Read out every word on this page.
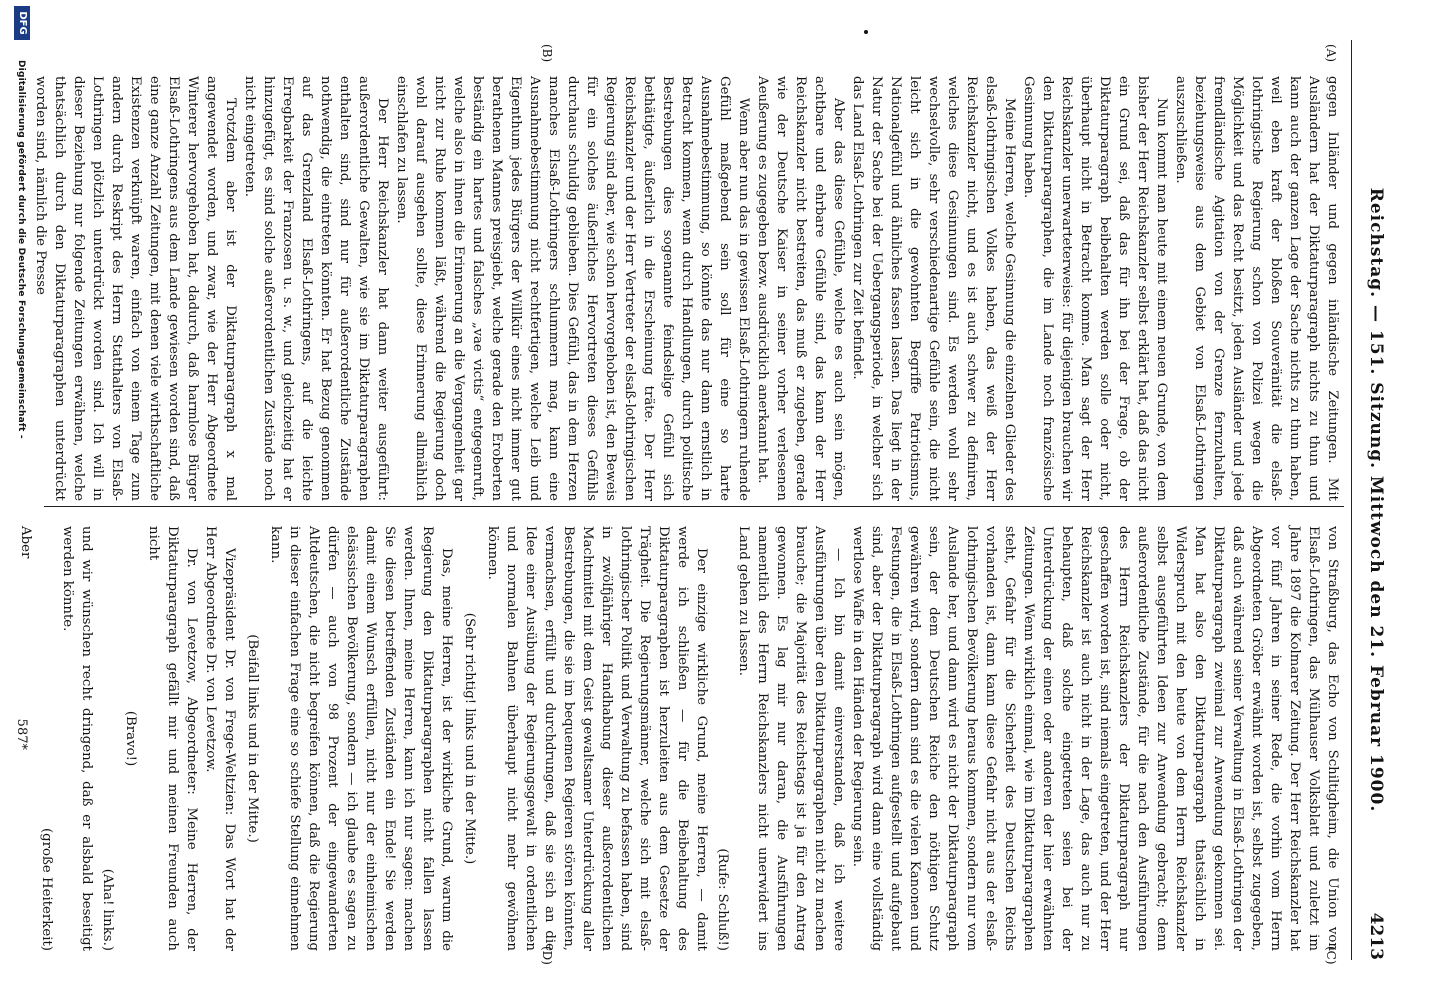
Reichstag. — 151. Sitzung. Mittwoch den 21. Februar 1900.
4213
(A)
(B)
(C)
(D)

gegen Inländer und gegen inländische Zeitungen. Mit Ausländern hat der Diktaturparagraph nichts zu thun und kann auch der ganzen Lage der Sache nichts zu thun haben, weil eben kraft der bloßen Souveränität die elsaß-lothringische Regierung schon von Polizei wegen die Möglichkeit und das Recht besitzt, jeden Ausländer und jede fremdländische Agitation von der Grenze fernzuhalten, beziehungsweise aus dem Gebiet von Elsaß-Lothringen auszuschließen.

Nun kommt man heute mit einem neuen Grunde, von dem bisher der Herr Reichskanzler selbst erklärt hat, daß das nicht ein Grund sei, daß das für ihn bei der Frage, ob der Diktaturparagraph beibehalten werden solle oder nicht, überhaupt nicht in Betracht komme. Man sagt der Herr Reichskanzler unerwarteterweise: für diejenigen brauchen wir den Diktaturparagraphen, die im Lande noch französische Gesinnung haben.

Meine Herren, welche Gesinnung die einzelnen Glieder des elsaß-lothringischen Volkes haben, das weiß der Herr Reichskanzler nicht, und es ist auch schwer zu definiren, welches diese Gesinnungen sind. Es werden wohl sehr wechselvolle, sehr verschiedenartige Gefühle sein, die nicht leicht sich in die gewohnten Begriffe Patriotismus, Nationalgefühl und ähnliches fassen lassen. Das liegt in der Natur der Sache bei der Uebergangsperiode, in welcher sich das Land Elsaß-Lothringen zur Zeit befindet.

Aber das diese Gefühle, welche es auch sein mögen, achtbare und ehrbare Gefühle sind, das kann der Herr Reichskanzler nicht bestreiten, das muß er zugeben, gerade wie der Deutsche Kaiser in seiner vorher verlesenen Aeußerung es zugegeben bezw. ausdrücklich anerkannt hat.

Wenn aber nun das in gewissen Elsaß-Lothringern ruhende Gefühl maßgebend sein soll für eine so harte Ausnahmebestimmung, so könnte das nur dann ernstlich in Betracht kommen, wenn durch Handlungen, durch politische Bestrebungen dies sogenannte feindselige Gefühl sich bethätigte, äußerlich in die Erscheinung träte. Der Herr Reichskanzler und der Herr Vertreter der elsaß-lothringischen Regierung sind aber, wie schon hervorgehoben ist, den Beweis für ein solches äußerliches Hervortreten dieses Gefühls durchaus schuldig geblieben. Dies Gefühl, das in dem Herzen manches Elsaß-Lothringers schlummern mag, kann eine Ausnahmebestimmung nicht rechtfertigen, welche Leib und Eigenthum jedes Bürgers der Willkür eines nicht immer gut berathenen Mannes preisgiebt, welche gerade den Eroberten beständig ein hartes und falsches „vae victis“ entgegenruft, welche also in ihnen die Erinnerung an die Vergangenheit gar nicht zur Ruhe kommen läßt, während die Regierung doch wohl darauf ausgehen sollte, diese Erinnerung allmählich einschlafen zu lassen.

Der Herr Reichskanzler hat dann weiter ausgeführt: außerordentliche Gewalten, wie sie im Diktaturparagraphen enthalten sind, sind nur für außerordentliche Zustände nothwendig, die eintreten könnten. Er hat Bezug genommen auf das Grenzland Elsaß-Lothringens, auf die leichte Erregbarkeit der Franzosen u. s. w., und gleichzeitig hat er hinzugefügt, es sind solche außerordentlichen Zustände noch nicht eingetreten.

Trotzdem aber ist der Diktaturparagraph x mal angewendet worden, und zwar, wie der Herr Abgeordnete Winterer hervorgehoben hat, dadurch, daß harmlose Bürger Elsaß-Lothringens aus dem Lande gewiesen worden sind, daß eine ganze Anzahl Zeitungen, mit denen viele wirthschaftliche Existenzen verknüpft waren, einfach von einem Tage zum andern durch Reskript des Herrn Statthalters von Elsaß-Lothringen plötzlich unterdrückt worden sind. Ich will in dieser Beziehung nur folgende Zeitungen erwähnen, welche thatsächlich durch den Diktaturparagraphen unterdrückt worden sind, nämlich die Presse

von Straßburg, das Echo von Schiltigheim, die Union von Elsaß-Lothringen, das Mülhauser Volksblatt und zuletzt im Jahre 1897 die Kolmarer Zeitung. Der Herr Reichskanzler hat vor fünf Jahren in seiner Rede, die vorhin vom Herrn Abgeordneten Gröber erwähnt worden ist, selbst zugegeben, daß auch während seiner Verwaltung in Elsaß-Lothringen der Diktaturparagraph zweimal zur Anwendung gekommen sei. Man hat also den Diktaturparagraph thatsächlich in Widerspruch mit den heute von dem Herrn Reichskanzler selbst ausgeführten Ideen zur Anwendung gebracht; denn außerordentliche Zustände, für die nach den Ausführungen des Herrn Reichskanzlers der Diktaturparagraph nur geschaffen worden ist, sind niemals eingetreten, und der Herr Reichskanzler ist auch nicht in der Lage, das auch nur zu behaupten, daß solche eingetreten seien bei der Unterdrückung der einen oder anderen der hier erwähnten Zeitungen. Wenn wirklich einmal, wie im Diktaturparagraphen steht, Gefahr für die Sicherheit des Deutschen Reichs vorhanden ist, dann kann diese Gefahr nicht aus der elsaß-lothringischen Bevölkerung heraus kommen, sondern nur vom Auslande her, und dann wird es nicht der Diktaturparagraph sein, der dem Deutschen Reiche den nöthigen Schutz gewähren wird, sondern dann sind es die vielen Kanonen und Festungen, die in Elsaß-Lothringen aufgestellt und aufgebaut sind, aber der Diktaturparagraph wird dann eine vollständig wertlose Waffe in den Händen der Regierung sein.

— Ich bin damit einverstanden, daß ich weitere Ausführungen über den Diktaturparagraphen nicht zu machen brauche; die Majorität des Reichstags ist ja für den Antrag gewonnen. Es lag mir nur daran, die Ausführungen namentlich des Herrn Reichskanzlers nicht unerwidert ins Land gehen zu lassen.

(Rufe: Schluß!)

Der einzige wirkliche Grund, meine Herren, — damit werde ich schließen — für die Beibehaltung des Diktaturparagraphen ist herzuleiten aus dem Gesetze der Trägheit. Die Regierungsmänner, welche sich mit elsaß-lothringischer Politik und Verwaltung zu befassen haben, sind in zwölfjähriger Handhabung dieser außerordentlichen Machtmittel mit dem Geist gewaltsamer Unterdrückung aller Bestrebungen, die sie im bequemen Regieren stören könnten, vermachsen, erfüllt und durchdrungen, daß sie sich an die Idee einer Ausübung der Regierungsgewalt in ordentlichen und normalen Bahnen überhaupt nicht mehr gewöhnen können.

(Sehr richtig! links und in der Mitte.)

Das, meine Herren, ist der wirkliche Grund, warum die Regierung den Diktaturparagraphen nicht fallen lassen werden. Ihnen, meine Herren, kann ich nur sagen: machen Sie diesen betreffenden Zuständen ein Ende! Sie werden damit einem Wunsch erfüllen, nicht nur der einheimischen elsässischen Bevölkerung, sondern — ich glaube es sagen zu dürfen — auch von 98 Prozent der eingewanderten Altdeutschen, die nicht begreifen können, daß die Regierung in dieser einfachen Frage eine so schiefe Stellung einnehmen kann.

(Beifall links und in der Mitte.)

Vizepräsident Dr. von Frege-Weltzien: Das Wort hat der Herr Abgeordnete Dr. von Levetzow.

Dr. von Levetzow, Abgeordneter: Meine Herren, der Diktaturparagraph gefällt mir und meinen Freunden auch nicht

(Bravo!)

(Aha! links.)

und wir wünschen recht dringend, daß er alsbald beseitigt werden könnte.

(große Heiterkeit)

Aber

587*
DFG
Digitalisierung gefördert durch die Deutsche Forschungsgemeinschaft -
